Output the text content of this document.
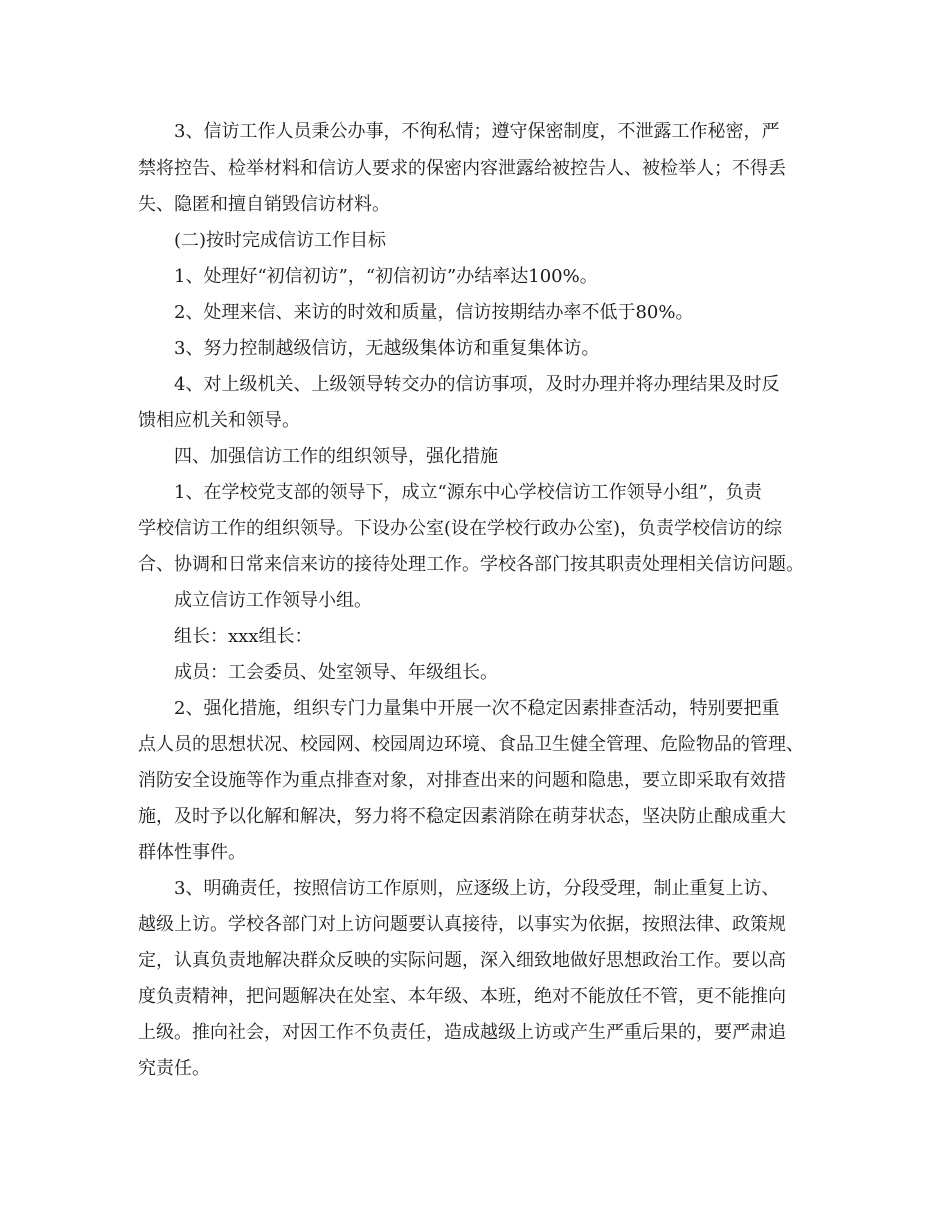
3、信访工作人员秉公办事，不徇私情；遵守保密制度，不泄露工作秘密，严
禁将控告、检举材料和信访人要求的保密内容泄露给被控告人、被检举人；不得丢
失、隐匿和擅自销毁信访材料。
(二)按时完成信访工作目标
1、处理好“初信初访”，“初信初访”办结率达100%。
2、处理来信、来访的时效和质量，信访按期结办率不低于80%。
3、努力控制越级信访，无越级集体访和重复集体访。
4、对上级机关、上级领导转交办的信访事项，及时办理并将办理结果及时反
馈相应机关和领导。
四、加强信访工作的组织领导，强化措施
1、在学校党支部的领导下，成立“源东中心学校信访工作领导小组”，负责
学校信访工作的组织领导。下设办公室(设在学校行政办公室)，负责学校信访的综
合、协调和日常来信来访的接待处理工作。学校各部门按其职责处理相关信访问题。
成立信访工作领导小组。
组长：xxx组长：
成员：工会委员、处室领导、年级组长。
2、强化措施，组织专门力量集中开展一次不稳定因素排查活动，特别要把重
点人员的思想状况、校园网、校园周边环境、食品卫生健全管理、危险物品的管理、
消防安全设施等作为重点排查对象，对排查出来的问题和隐患，要立即采取有效措
施，及时予以化解和解决，努力将不稳定因素消除在萌芽状态，坚决防止酿成重大
群体性事件。
3、明确责任，按照信访工作原则，应逐级上访，分段受理，制止重复上访、
越级上访。学校各部门对上访问题要认真接待，以事实为依据，按照法律、政策规
定，认真负责地解决群众反映的实际问题，深入细致地做好思想政治工作。要以高
度负责精神，把问题解决在处室、本年级、本班，绝对不能放任不管，更不能推向
上级。推向社会，对因工作不负责任，造成越级上访或产生严重后果的，要严肃追
究责任。
